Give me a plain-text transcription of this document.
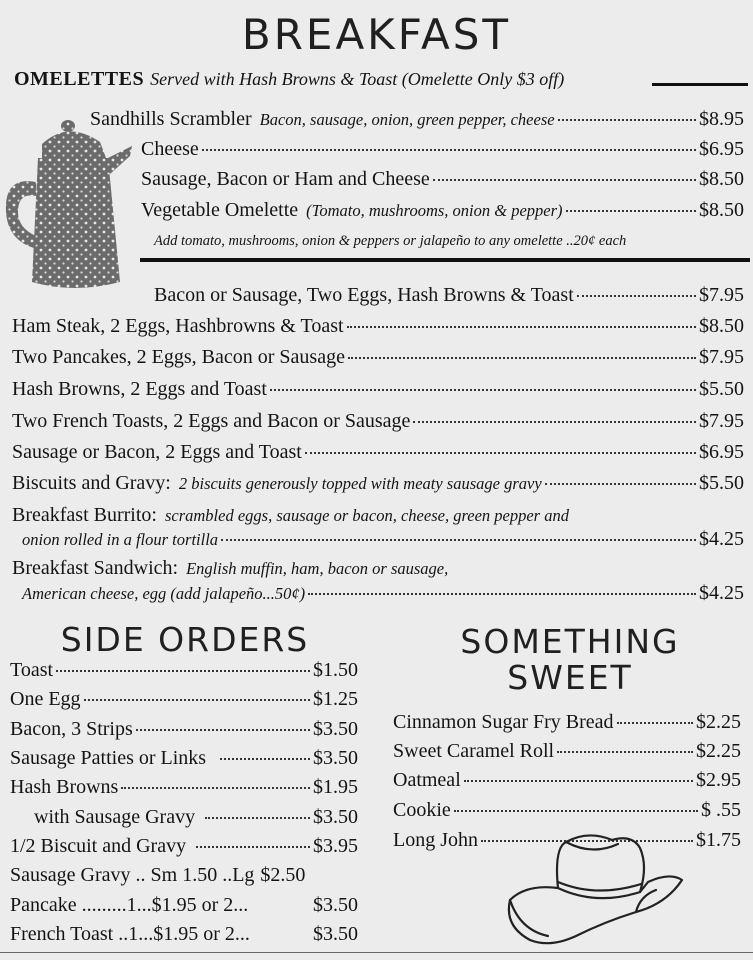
BREAKFAST
OMELETTES Served with Hash Browns & Toast (Omelette Only $3 off)
Sandhills Scrambler Bacon, sausage, onion, green pepper, cheese	$8.95
Cheese	$6.95
Sausage, Bacon or Ham and Cheese	$8.50
Vegetable Omelette (Tomato, mushrooms, onion & pepper)	$8.50
Add tomato, mushrooms, onion & peppers or jalapeño to any omelette ..20¢ each
Bacon or Sausage, Two Eggs, Hash Browns & Toast	$7.95
Ham Steak, 2 Eggs, Hashbrowns & Toast	$8.50
Two Pancakes, 2 Eggs, Bacon or Sausage	$7.95
Hash Browns, 2 Eggs and Toast	$5.50
Two French Toasts, 2 Eggs and Bacon or Sausage	$7.95
Sausage or Bacon, 2 Eggs and Toast	$6.95
Biscuits and Gravy: 2 biscuits generously topped with meaty sausage gravy	$5.50
Breakfast Burrito: scrambled eggs, sausage or bacon, cheese, green pepper and
onion rolled in a flour tortilla	$4.25
Breakfast Sandwich: English muffin, ham, bacon or sausage,
American cheese, egg (add jalapeño...50¢)	$4.25
SIDE ORDERS
Toast	$1.50
One Egg	$1.25
Bacon, 3 Strips	$3.50
Sausage Patties or Links	$3.50
Hash Browns	$1.95
with Sausage Gravy	$3.50
1/2 Biscuit and Gravy	$3.95
Sausage Gravy .. Sm 1.50 ..Lg $2.50
Pancake .........1...$1.95 or 2...	$3.50
French Toast ..1...$1.95 or 2...	$3.50
SOMETHING
SWEET
Cinnamon Sugar Fry Bread	$2.25
Sweet Caramel Roll	$2.25
Oatmeal	$2.95
Cookie	$ .55
Long John	$1.75
